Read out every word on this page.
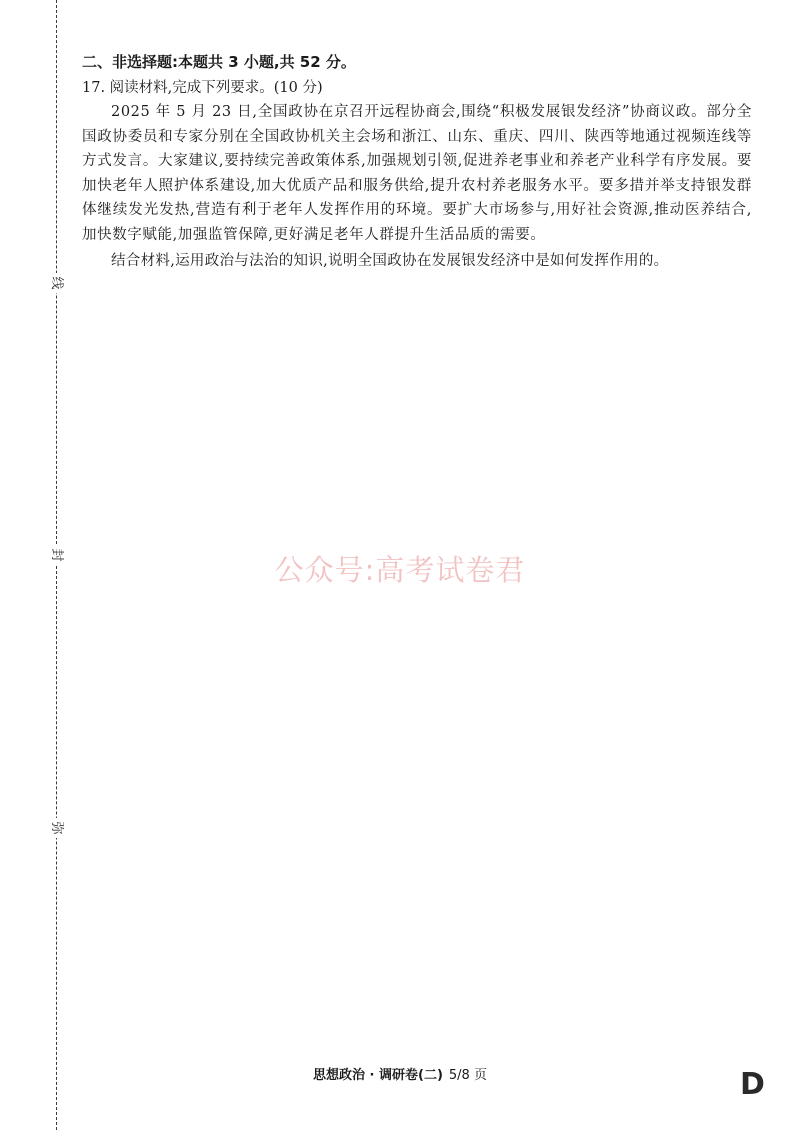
线
封
弥

二、非选择题:本题共 3 小题,共 52 分。

17. 阅读材料,完成下列要求。(10 分)

2025 年 5 月 23 日,全国政协在京召开远程协商会,围绕“积极发展银发经济”协商议政。部分全国政协委员和专家分别在全国政协机关主会场和浙江、山东、重庆、四川、陕西等地通过视频连线等方式发言。大家建议,要持续完善政策体系,加强规划引领,促进养老事业和养老产业科学有序发展。要加快老年人照护体系建设,加大优质产品和服务供给,提升农村养老服务水平。要多措并举支持银发群体继续发光发热,营造有利于老年人发挥作用的环境。要扩大市场参与,用好社会资源,推动医养结合,加快数字赋能,加强监管保障,更好满足老年人群提升生活品质的需要。

结合材料,运用政治与法治的知识,说明全国政协在发展银发经济中是如何发挥作用的。

公众号:高考试卷君
思想政治 · 调研卷(二) 5/8 页	D
